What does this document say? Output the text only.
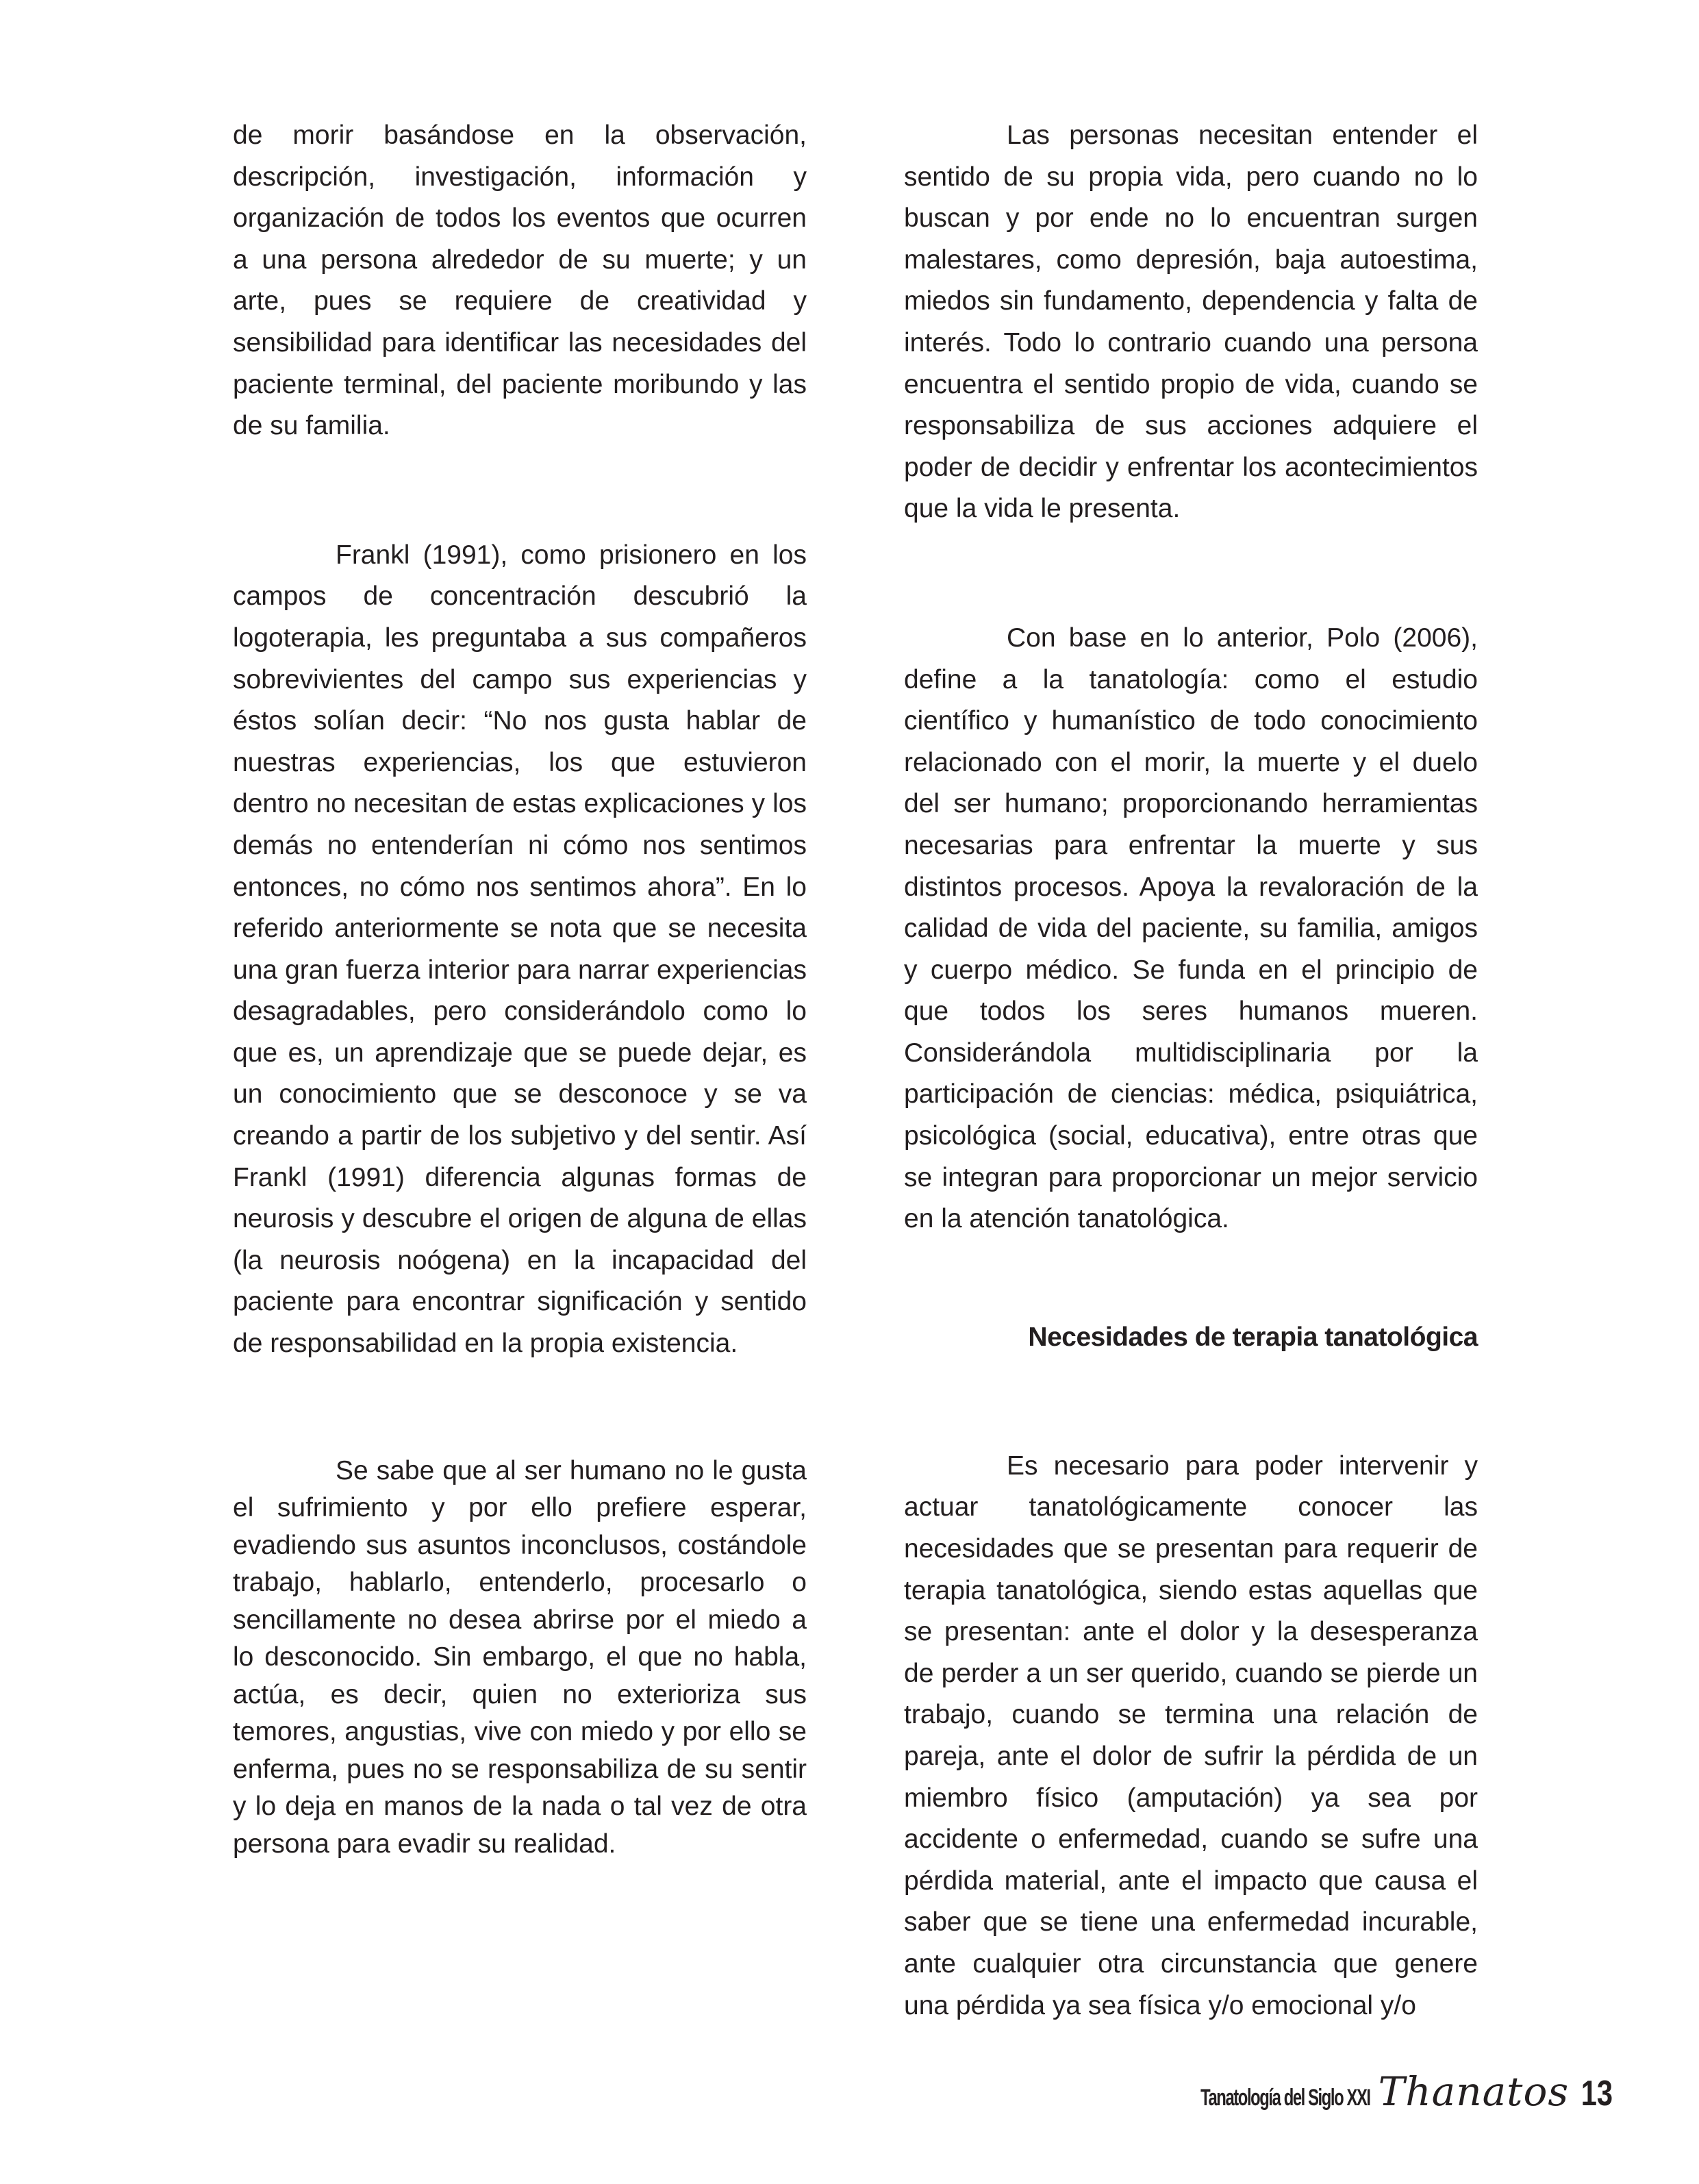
de morir basándose en la observación, descripción, investigación, información y organización de todos los eventos que ocurren a una persona alrededor de su muerte; y un arte, pues se requiere de creatividad y sensibilidad para identificar las necesidades del paciente terminal, del paciente moribundo y las de su familia.

Frankl (1991), como prisionero en los campos de concentración descubrió la logoterapia, les preguntaba a sus compañeros sobrevivientes del campo sus experiencias y éstos solían decir: “No nos gusta hablar de nuestras experiencias, los que estuvieron dentro no necesitan de estas explicaciones y los demás no entenderían ni cómo nos sentimos entonces, no cómo nos sentimos ahora”. En lo referido anteriormente se nota que se necesita una gran fuerza interior para narrar experiencias desagradables, pero considerándolo como lo que es, un aprendizaje que se puede dejar, es un conocimiento que se desconoce y se va creando a partir de los subjetivo y del sentir. Así Frankl (1991) diferencia algunas formas de neurosis y descubre el origen de alguna de ellas (la neurosis noógena) en la incapacidad del paciente para encontrar significación y sentido de responsabilidad en la propia existencia.

Se sabe que al ser humano no le gusta el sufrimiento y por ello prefiere esperar, evadiendo sus asuntos inconclusos, costándole trabajo, hablarlo, entenderlo, procesarlo o sencillamente no desea abrirse por el miedo a lo desconocido. Sin embargo, el que no habla, actúa, es decir, quien no exterioriza sus temores, angustias, vive con miedo y por ello se enferma, pues no se responsabiliza de su sentir y lo deja en manos de la nada o tal vez de otra persona para evadir su realidad.

Las personas necesitan entender el sentido de su propia vida, pero cuando no lo buscan y por ende no lo encuentran surgen malestares, como depresión, baja autoestima, miedos sin fundamento, dependencia y falta de interés. Todo lo contrario cuando una persona encuentra el sentido propio de vida, cuando se responsabiliza de sus acciones adquiere el poder de decidir y enfrentar los acontecimientos que la vida le presenta.

Con base en lo anterior, Polo (2006), define a la tanatología: como el estudio científico y humanístico de todo conocimiento relacionado con el morir, la muerte y el duelo del ser humano; proporcionando herramientas necesarias para enfrentar la muerte y sus distintos procesos. Apoya la revaloración de la calidad de vida del paciente, su familia, amigos y cuerpo médico. Se funda en el principio de que todos los seres humanos mueren. Considerándola multidisciplinaria por la participación de ciencias: médica, psiquiátrica, psicológica (social, educativa), entre otras que se integran para proporcionar un mejor servicio en la atención tanatológica.

Necesidades de terapia tanatológica

Es necesario para poder intervenir y actuar tanatológicamente conocer las necesidades que se presentan para requerir de terapia tanatológica, siendo estas aquellas que se presentan: ante el dolor y la desesperanza de perder a un ser querido, cuando se pierde un trabajo, cuando se termina una relación de pareja, ante el dolor de sufrir la pérdida de un miembro físico (amputación) ya sea por accidente o enfermedad, cuando se sufre una pérdida material, ante el impacto que causa el saber que se tiene una enfermedad incurable, ante cualquier otra circunstancia que genere una pérdida ya sea física y/o emocional y/o

Tanatología del Siglo XXI Thanatos 13
